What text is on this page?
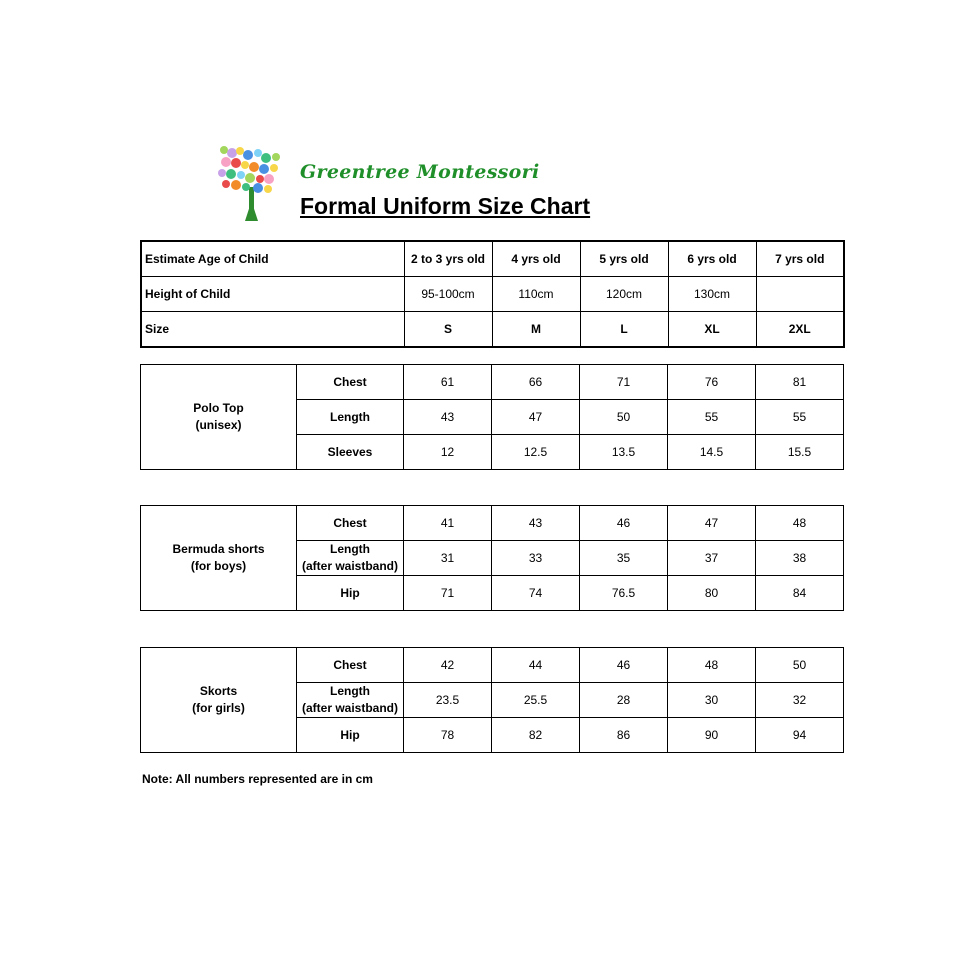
Greentree Montessori
Formal Uniform Size Chart
Estimate Age of Child	2 to 3 yrs old	4 yrs old	5 yrs old	6 yrs old	7 yrs old
Height of Child	95-100cm	110cm	120cm	130cm	
Size	S	M	L	XL	2XL
Polo Top
(unisex)	Chest	61	66	71	76	81
	Length	43	47	50	55	55
	Sleeves	12	12.5	13.5	14.5	15.5
Bermuda shorts
(for boys)	Chest	41	43	46	47	48
	Length
(after waistband)	31	33	35	37	38
	Hip	71	74	76.5	80	84
Skorts
(for girls)	Chest	42	44	46	48	50
	Length
(after waistband)	23.5	25.5	28	30	32
	Hip	78	82	86	90	94
Note: All numbers represented are in cm
